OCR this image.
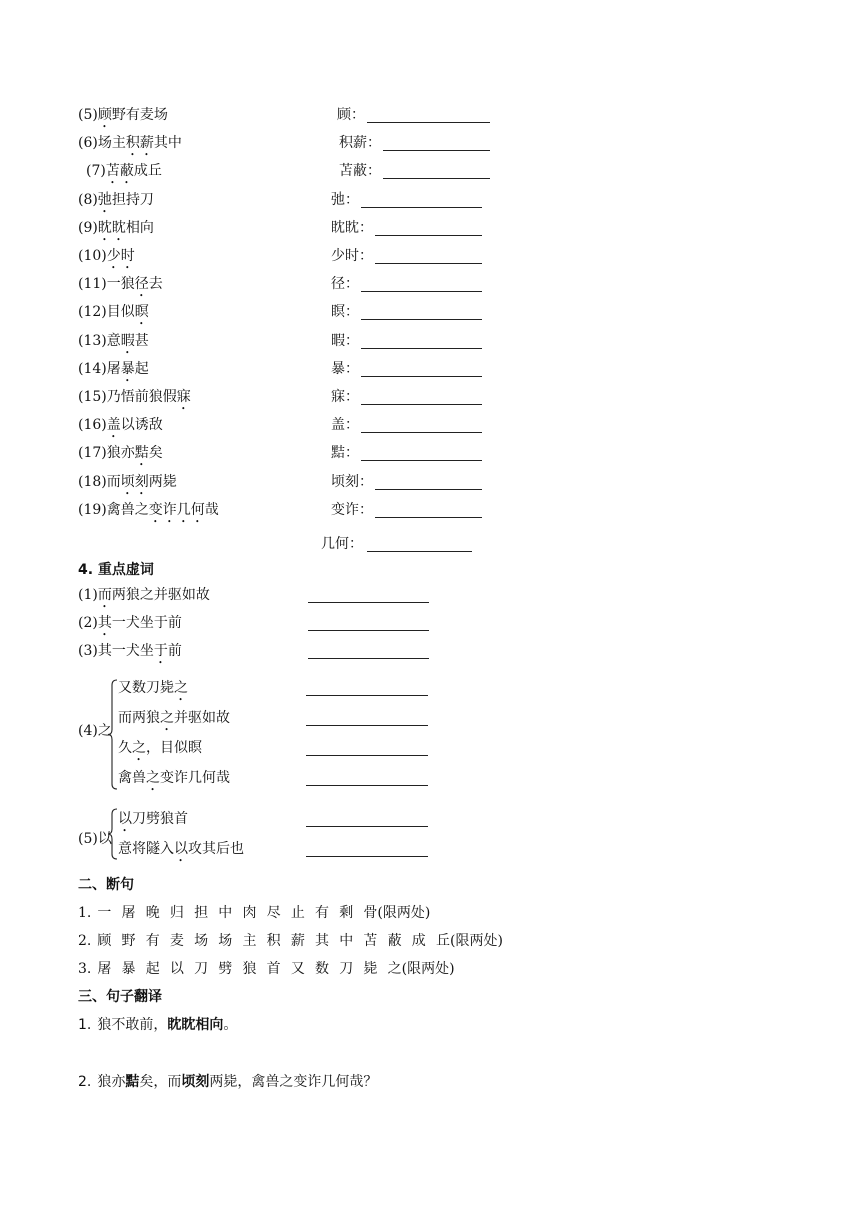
(5)顾野有麦场	顾：
(6)场主积薪其中	积薪：
(7)苫蔽成丘	苫蔽：
(8)弛担持刀	弛：
(9)眈眈相向	眈眈：
(10)少时	少时：
(11)一狼径去	径：
(12)目似瞑	瞑：
(13)意暇甚	暇：
(14)屠暴起	暴：
(15)乃悟前狼假寐	寐：
(16)盖以诱敌	盖：
(17)狼亦黠矣	黠：
(18)而顷刻两毙	顷刻：
(19)禽兽之变诈几何哉	变诈：
几何：
4. 重点虚词
(1)而两狼之并驱如故
(2)其一犬坐于前
(3)其一犬坐于前
(4)之
又数刀毙之
而两狼之并驱如故
久之，目似瞑
禽兽之变诈几何哉
(5)以
以刀劈狼首
意将隧入以攻其后也
二、断句
1. 一 屠 晚 归 担 中 肉 尽 止 有 剩 骨(限两处)
2. 顾 野 有 麦 场 场 主 积 薪 其 中 苫 蔽 成 丘(限两处)
3. 屠 暴 起 以 刀 劈 狼 首 又 数 刀 毙 之(限两处)
三、句子翻译
1. 狼不敢前，眈眈相向。
2. 狼亦黠矣，而顷刻两毙，禽兽之变诈几何哉？
